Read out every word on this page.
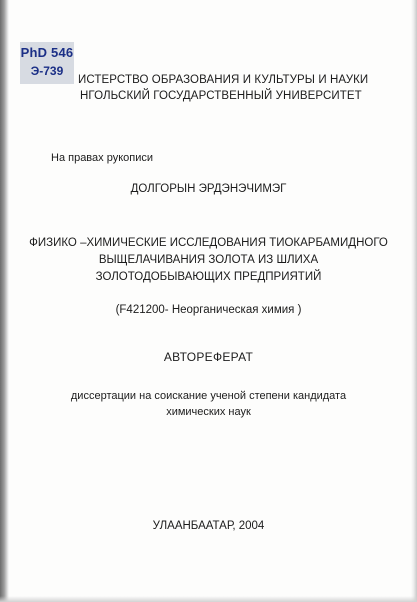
PhD 546
Э-739
ИСТЕРСТВО ОБРАЗОВАНИЯ И КУЛЬТУРЫ И НАУКИ
НГОЛЬСКИЙ ГОСУДАРСТВЕННЫЙ УНИВЕРСИТЕТ
На правах рукописи
ДОЛГОРЫН ЭРДЭНЭЧИМЭГ
ФИЗИКО –ХИМИЧЕСКИЕ ИССЛЕДОВАНИЯ ТИОКАРБАМИДНОГО
ВЫЩЕЛАЧИВАНИЯ ЗОЛОТА ИЗ ШЛИХА
ЗОЛОТОДОБЫВАЮЩИХ ПРЕДПРИЯТИЙ
(F421200- Неорганическая химия )
АВТОРЕФЕРАТ
диссертации на соискание ученой степени кандидата
химических наук
УЛААНБААТАР, 2004
